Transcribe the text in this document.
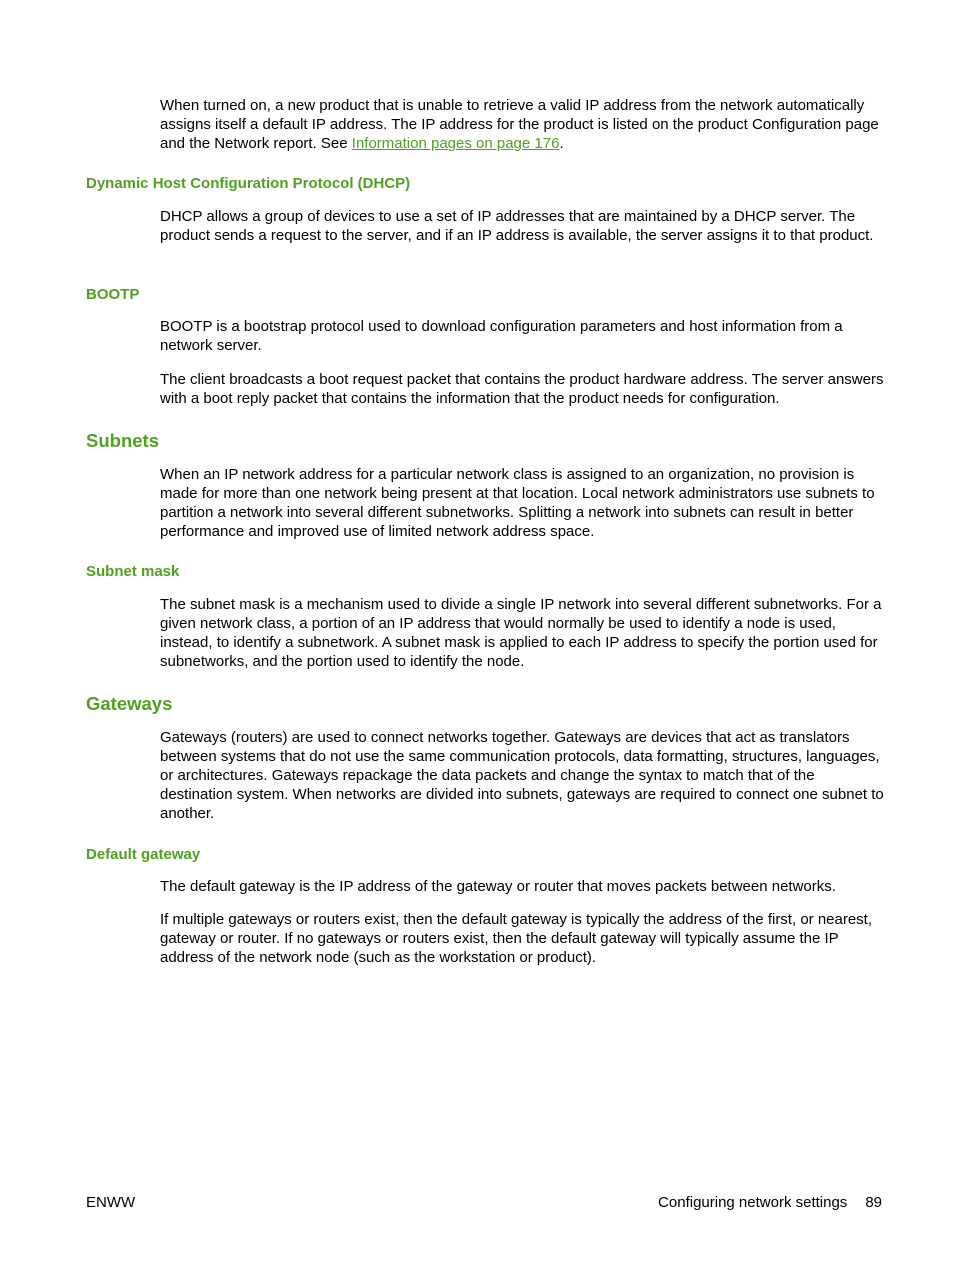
When turned on, a new product that is unable to retrieve a valid IP address from the network automatically assigns itself a default IP address. The IP address for the product is listed on the product Configuration page and the Network report. See Information pages on page 176.

Dynamic Host Configuration Protocol (DHCP)

DHCP allows a group of devices to use a set of IP addresses that are maintained by a DHCP server. The product sends a request to the server, and if an IP address is available, the server assigns it to that product.

BOOTP

BOOTP is a bootstrap protocol used to download configuration parameters and host information from a network server.

The client broadcasts a boot request packet that contains the product hardware address. The server answers with a boot reply packet that contains the information that the product needs for configuration.

Subnets

When an IP network address for a particular network class is assigned to an organization, no provision is made for more than one network being present at that location. Local network administrators use subnets to partition a network into several different subnetworks. Splitting a network into subnets can result in better performance and improved use of limited network address space.

Subnet mask

The subnet mask is a mechanism used to divide a single IP network into several different subnetworks. For a given network class, a portion of an IP address that would normally be used to identify a node is used, instead, to identify a subnetwork. A subnet mask is applied to each IP address to specify the portion used for subnetworks, and the portion used to identify the node.

Gateways

Gateways (routers) are used to connect networks together. Gateways are devices that act as translators between systems that do not use the same communication protocols, data formatting, structures, languages, or architectures. Gateways repackage the data packets and change the syntax to match that of the destination system. When networks are divided into subnets, gateways are required to connect one subnet to another.

Default gateway

The default gateway is the IP address of the gateway or router that moves packets between networks.

If multiple gateways or routers exist, then the default gateway is typically the address of the first, or nearest, gateway or router. If no gateways or routers exist, then the default gateway will typically assume the IP address of the network node (such as the workstation or product).

ENWW	Configuring network settings 89
